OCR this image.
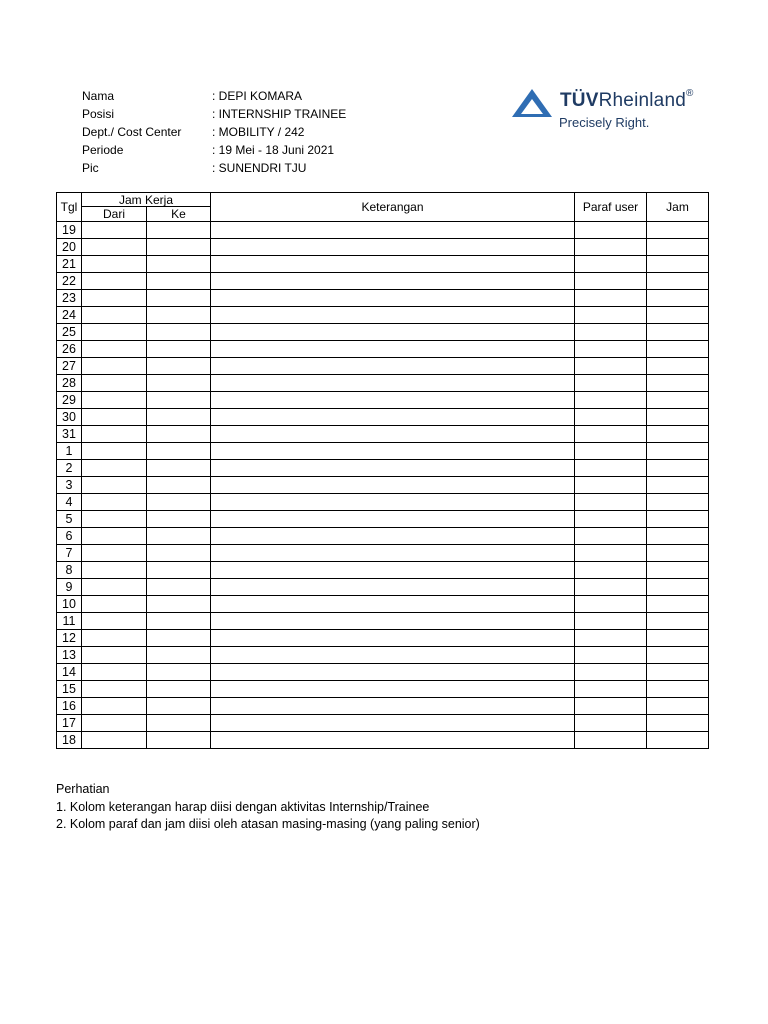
Nama	: DEPI KOMARA
Posisi	: INTERNSHIP TRAINEE
Dept./ Cost Center	: MOBILITY / 242
Periode	: 19 Mei - 18 Juni 2021
Pic	: SUNENDRI TJU
TÜVRheinland®
Precisely Right.
Tgl	Jam Kerja		Keterangan	Paraf user	Jam
	Dari	Ke			
19					
20					
21					
22					
23					
24					
25					
26					
27					
28					
29					
30					
31					
1					
2					
3					
4					
5					
6					
7					
8					
9					
10					
11					
12					
13					
14					
15					
16					
17					
18					
Perhatian
1. Kolom keterangan harap diisi dengan aktivitas Internship/Trainee
2. Kolom paraf dan jam diisi oleh atasan masing-masing (yang paling senior)
